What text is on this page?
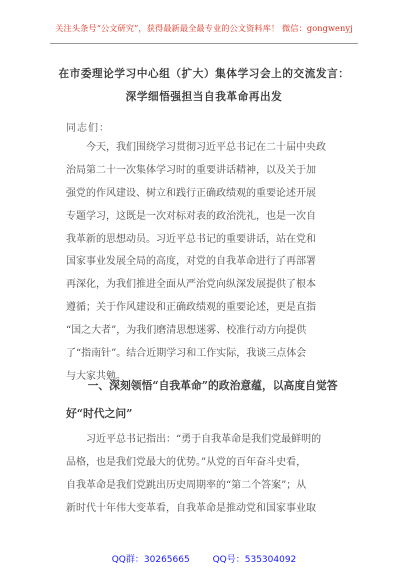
关注头条号“公文研究”，获得最新最全最专业的公文资料库！ 微信：gongwenyj
在市委理论学习中心组（扩大）集体学习会上的交流发言：
深学细悟强担当自我革命再出发
同志们：
　　今天，我们围绕学习贯彻习近平总书记在二十届中央政
治局第二十一次集体学习时的重要讲话精神，以及关于加
强党的作风建设、树立和践行正确政绩观的重要论述开展
专题学习，这既是一次对标对表的政治洗礼，也是一次自
我革新的思想动员。习近平总书记的重要讲话，站在党和
国家事业发展全局的高度，对党的自我革命进行了再部署
再深化，为我们推进全面从严治党向纵深发展提供了根本
遵循；关于作风建设和正确政绩观的重要论述，更是直指
“国之大者”，为我们磨清思想迷雾、校准行动方向提供
了“指南针”。结合近期学习和工作实际，我谈三点体会
与大家共勉。
　　一、深刻领悟“自我革命”的政治意蕴，以高度自觉答
好“时代之问”
　　习近平总书记指出：“勇于自我革命是我们党最鲜明的
品格，也是我们党最大的优势。”从党的百年奋斗史看，
自我革命是我们党跳出历史周期率的“第二个答案”；从
新时代十年伟大变革看，自我革命是推动党和国家事业取
QQ群：30265665	QQ号：535304092
